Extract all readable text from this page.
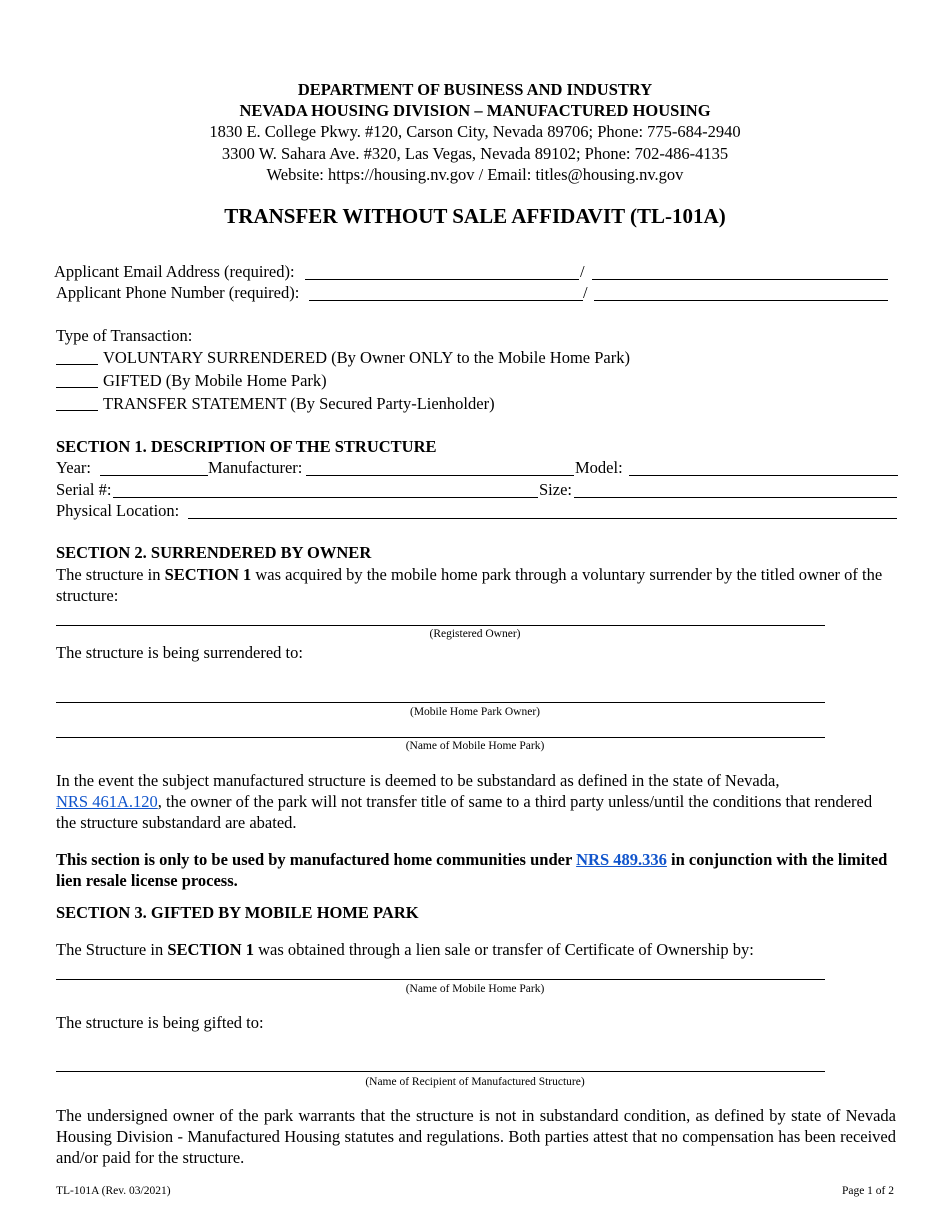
DEPARTMENT OF BUSINESS AND INDUSTRY
NEVADA HOUSING DIVISION – MANUFACTURED HOUSING
1830 E. College Pkwy. #120, Carson City, Nevada 89706; Phone: 775-684-2940
3300 W. Sahara Ave. #320, Las Vegas, Nevada 89102; Phone: 702-486-4135
Website: https://housing.nv.gov / Email: titles@housing.nv.gov
TRANSFER WITHOUT SALE AFFIDAVIT (TL-101A)
Applicant Email Address (required):	/
Applicant Phone Number (required):	/
Type of Transaction:
VOLUNTARY SURRENDERED (By Owner ONLY to the Mobile Home Park)
GIFTED (By Mobile Home Park)
TRANSFER STATEMENT (By Secured Party-Lienholder)
SECTION 1. DESCRIPTION OF THE STRUCTURE
Year:	Manufacturer:	Model:
Serial #:	Size:
Physical Location:
SECTION 2. SURRENDERED BY OWNER
The structure in SECTION 1 was acquired by the mobile home park through a voluntary surrender by the titled owner of the structure:
(Registered Owner)
The structure is being surrendered to:
(Mobile Home Park Owner)
(Name of Mobile Home Park)
In the event the subject manufactured structure is deemed to be substandard as defined in the state of Nevada,
NRS 461A.120, the owner of the park will not transfer title of same to a third party unless/until the conditions that rendered the structure substandard are abated.
This section is only to be used by manufactured home communities under NRS 489.336 in conjunction with the limited lien resale license process.
SECTION 3. GIFTED BY MOBILE HOME PARK
The Structure in SECTION 1 was obtained through a lien sale or transfer of Certificate of Ownership by:
(Name of Mobile Home Park)
The structure is being gifted to:
(Name of Recipient of Manufactured Structure)
The undersigned owner of the park warrants that the structure is not in substandard condition, as defined by state of Nevada Housing Division - Manufactured Housing statutes and regulations. Both parties attest that no compensation has been received and/or paid for the structure.
TL-101A (Rev. 03/2021)	Page 1 of 2
